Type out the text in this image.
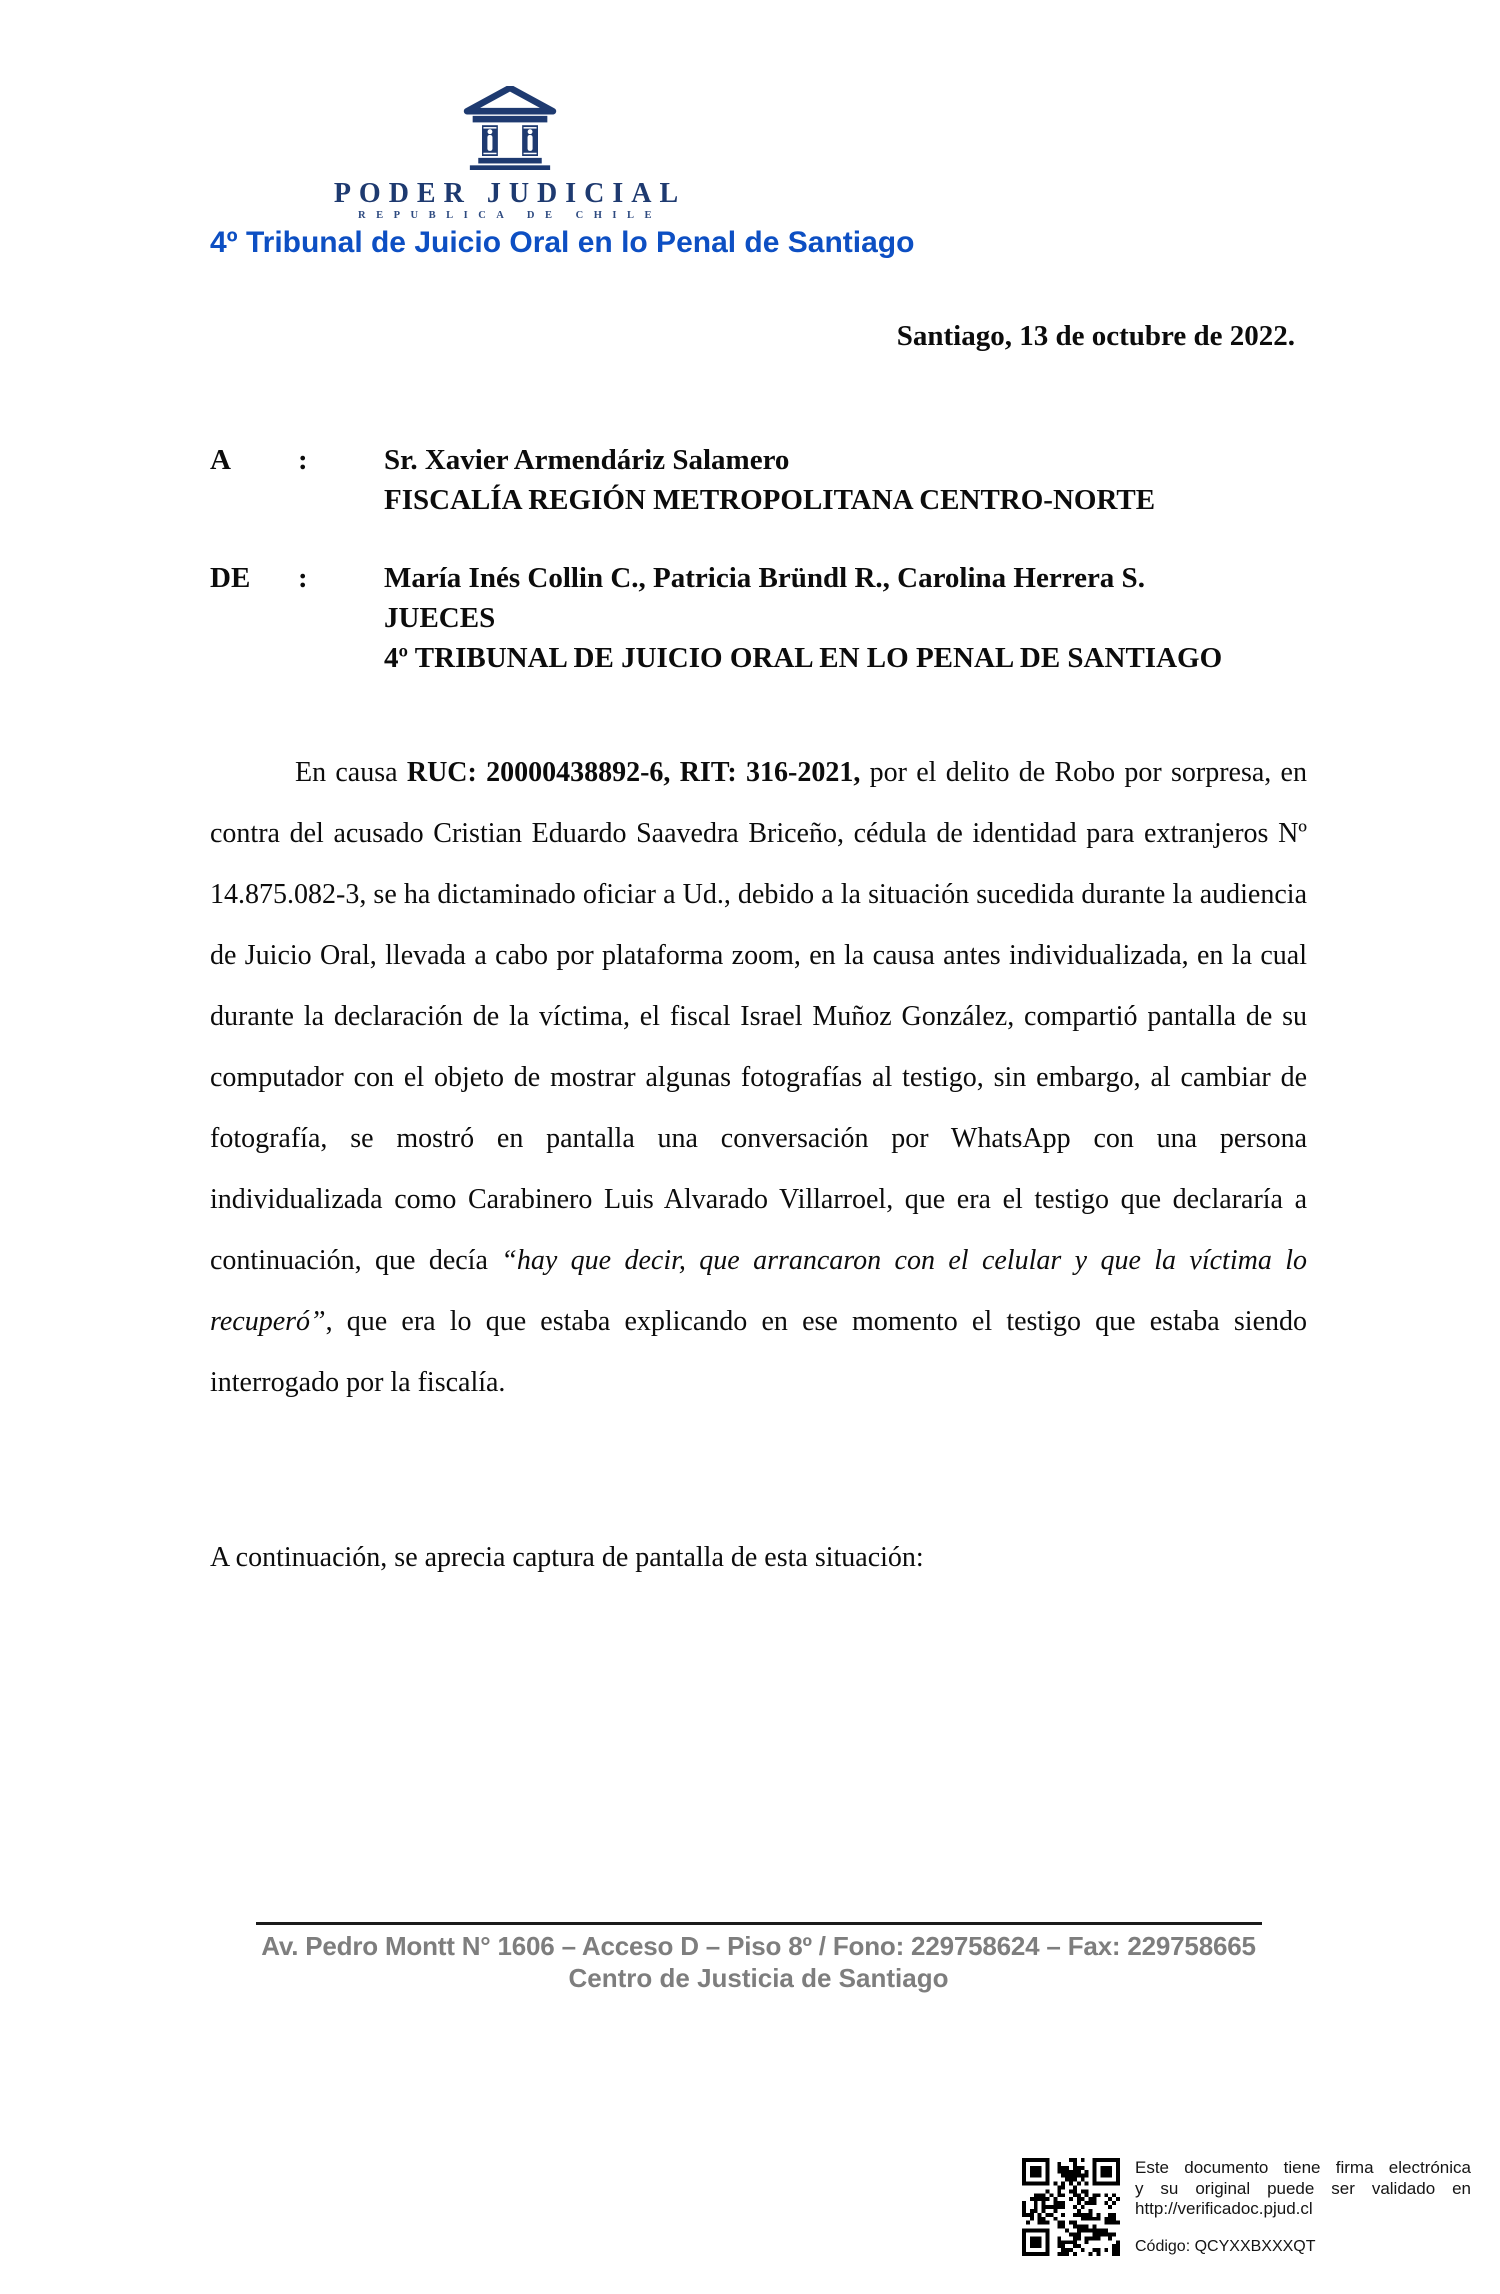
PODER JUDICIAL
REPUBLICA DE CHILE
4º Tribunal de Juicio Oral en lo Penal de Santiago
Santiago, 13 de octubre de 2022.
A	:	Sr. Xavier Armendáriz Salamero
FISCALÍA REGIÓN METROPOLITANA CENTRO-NORTE
DE	:	María Inés Collin C., Patricia Bründl R., Carolina Herrera S.
JUECES
4º TRIBUNAL DE JUICIO ORAL EN LO PENAL DE SANTIAGO

En causa RUC: 20000438892-6, RIT: 316-2021, por el delito de Robo por sorpresa, en contra del acusado Cristian Eduardo Saavedra Briceño, cédula de identidad para extranjeros Nº 14.875.082-3, se ha dictaminado oficiar a Ud., debido a la situación sucedida durante la audiencia de Juicio Oral, llevada a cabo por plataforma zoom, en la causa antes individualizada, en la cual durante la declaración de la víctima, el fiscal Israel Muñoz González, compartió pantalla de su computador con el objeto de mostrar algunas fotografías al testigo, sin embargo, al cambiar de fotografía, se mostró en pantalla una conversación por WhatsApp con una persona individualizada como Carabinero Luis Alvarado Villarroel, que era el testigo que declararía a continuación, que decía “hay que decir, que arrancaron con el celular y que la víctima lo recuperó”, que era lo que estaba explicando en ese momento el testigo que estaba siendo interrogado por la fiscalía.

A continuación, se aprecia captura de pantalla de esta situación:

Av. Pedro Montt N° 1606 – Acceso D – Piso 8º / Fono: 229758624 – Fax: 229758665
Centro de Justicia de Santiago
Este documento tiene firma electrónica
y su original puede ser validado en
http://verificadoc.pjud.cl
Código: QCYXXBXXXQT
